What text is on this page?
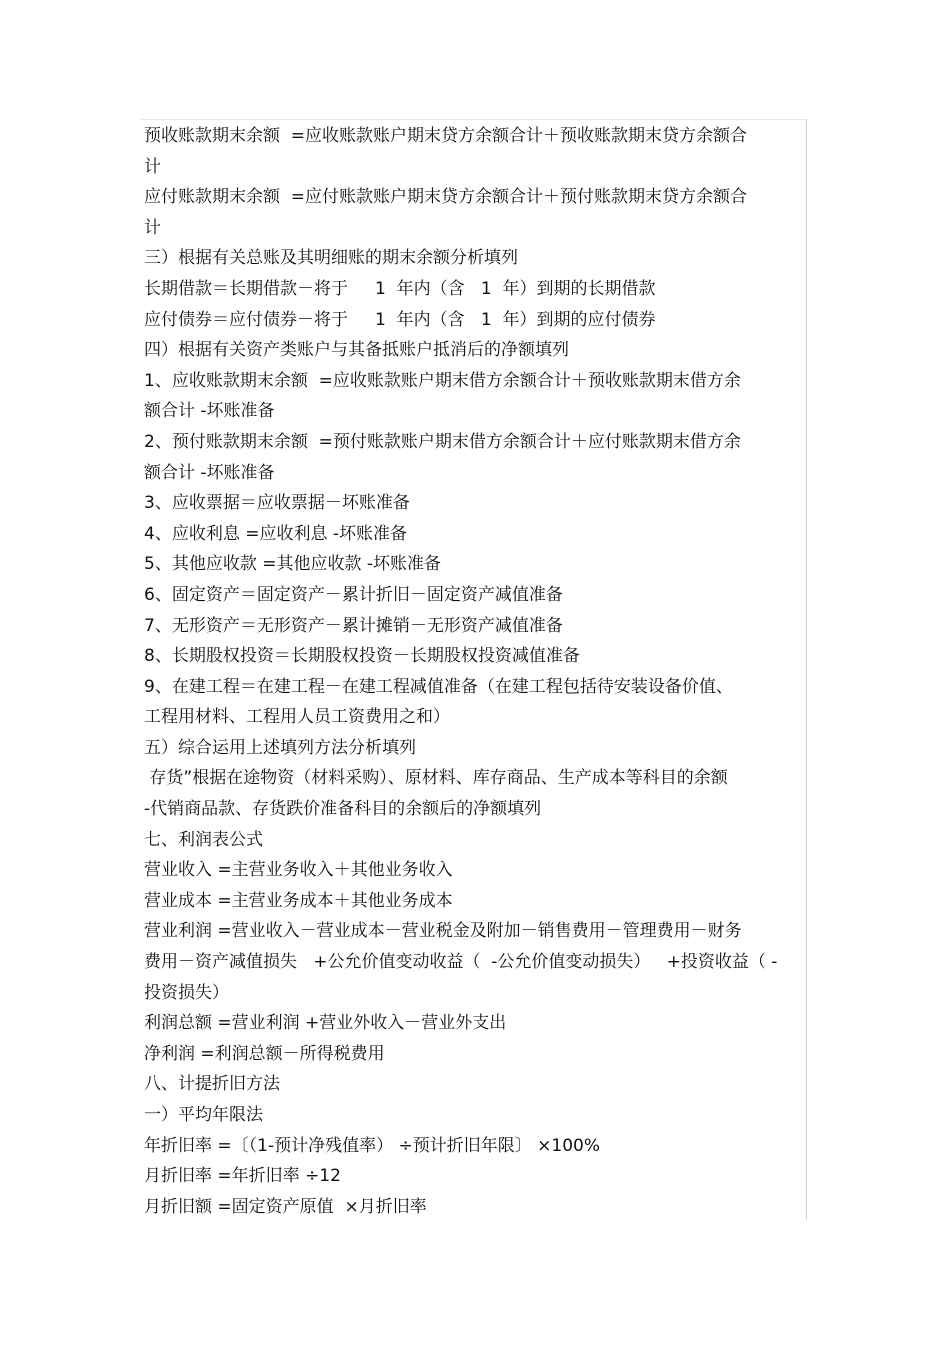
预收账款期末余额  =应收账款账户期末贷方余额合计＋预收账款期末贷方余额合
计
应付账款期末余额  =应付账款账户期末贷方余额合计＋预付账款期末贷方余额合
计
三）根据有关总账及其明细账的期末余额分析填列
长期借款＝长期借款－将于     1  年内（含   1  年）到期的长期借款
应付债券＝应付债券－将于     1  年内（含   1  年）到期的应付债券
四）根据有关资产类账户与其备抵账户抵消后的净额填列
1、应收账款期末余额  =应收账款账户期末借方余额合计＋预收账款期末借方余
额合计 -坏账准备
2、预付账款期末余额  =预付账款账户期末借方余额合计＋应付账款期末借方余
额合计 -坏账准备
3、应收票据＝应收票据－坏账准备
4、应收利息 =应收利息 -坏账准备
5、其他应收款 =其他应收款 -坏账准备
6、固定资产＝固定资产－累计折旧－固定资产减值准备
7、无形资产＝无形资产－累计摊销－无形资产减值准备
8、长期股权投资＝长期股权投资－长期股权投资减值准备
9、在建工程＝在建工程－在建工程减值准备（在建工程包括待安装设备价值、
工程用材料、工程用人员工资费用之和）
五）综合运用上述填列方法分析填列
存货”根据在途物资（材料采购）、原材料、库存商品、生产成本等科目的余额
-代销商品款、存货跌价准备科目的余额后的净额填列
七、利润表公式
营业收入 =主营业务收入＋其他业务收入
营业成本 =主营业务成本＋其他业务成本
营业利润 =营业收入－营业成本－营业税金及附加－销售费用－管理费用－财务
费用－资产减值损失   +公允价值变动收益（  -公允价值变动损失）   +投资收益（ -
投资损失）
利润总额 =营业利润 +营业外收入－营业外支出
净利润 =利润总额－所得税费用
八、计提折旧方法
一）平均年限法
年折旧率 =〔（1-预计净残值率） ÷预计折旧年限〕 ×100%
月折旧率 =年折旧率 ÷12
月折旧额 =固定资产原值  ×月折旧率
